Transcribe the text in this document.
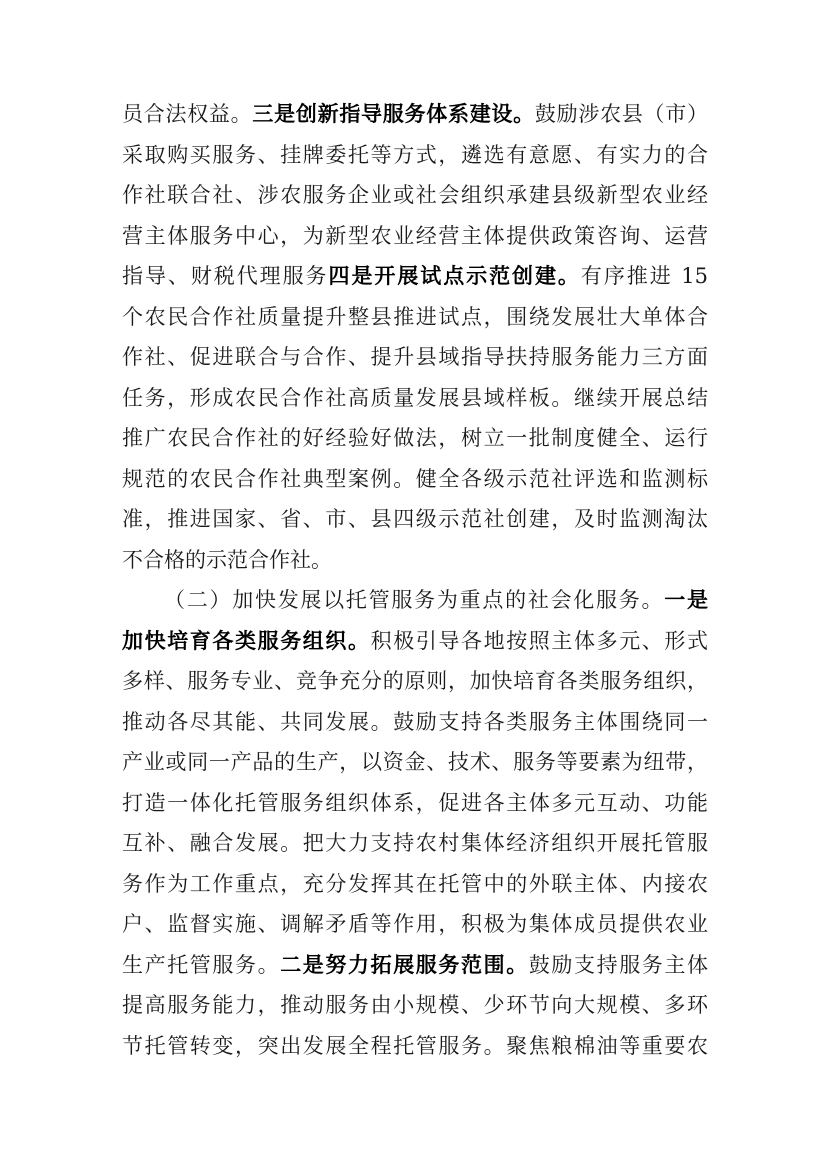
员合法权益。三是创新指导服务体系建设。鼓励涉农县（市）
采取购买服务、挂牌委托等方式，遴选有意愿、有实力的合
作社联合社、涉农服务企业或社会组织承建县级新型农业经
营主体服务中心，为新型农业经营主体提供政策咨询、运营
指导、财税代理服务四是开展试点示范创建。有序推进 15
个农民合作社质量提升整县推进试点，围绕发展壮大单体合
作社、促进联合与合作、提升县域指导扶持服务能力三方面
任务，形成农民合作社高质量发展县域样板。继续开展总结
推广农民合作社的好经验好做法，树立一批制度健全、运行
规范的农民合作社典型案例。健全各级示范社评选和监测标
准，推进国家、省、市、县四级示范社创建，及时监测淘汰
不合格的示范合作社。
（二）加快发展以托管服务为重点的社会化服务。一是
加快培育各类服务组织。积极引导各地按照主体多元、形式
多样、服务专业、竞争充分的原则，加快培育各类服务组织，
推动各尽其能、共同发展。鼓励支持各类服务主体围绕同一
产业或同一产品的生产，以资金、技术、服务等要素为纽带，
打造一体化托管服务组织体系，促进各主体多元互动、功能
互补、融合发展。把大力支持农村集体经济组织开展托管服
务作为工作重点，充分发挥其在托管中的外联主体、内接农
户、监督实施、调解矛盾等作用，积极为集体成员提供农业
生产托管服务。二是努力拓展服务范围。鼓励支持服务主体
提高服务能力，推动服务由小规模、少环节向大规模、多环
节托管转变，突出发展全程托管服务。聚焦粮棉油等重要农
